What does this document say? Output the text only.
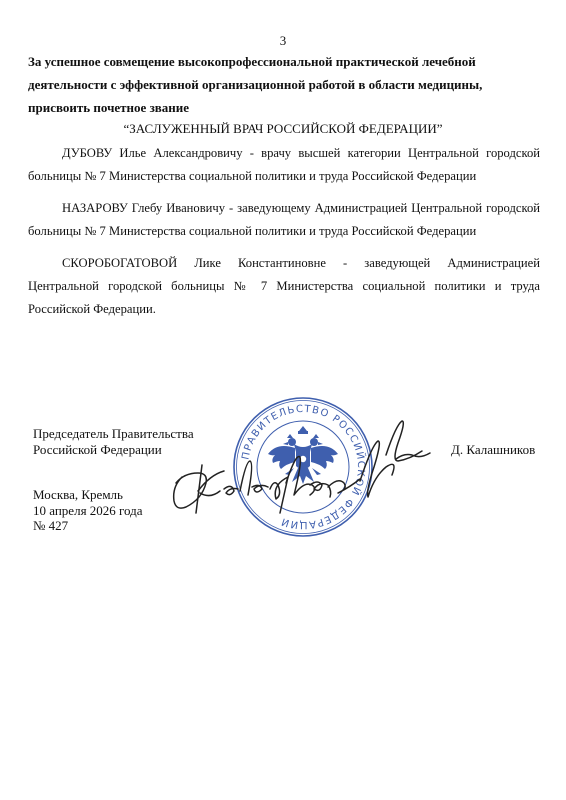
3
За успешное совмещение высокопрофессиональной практической лечебной деятельности с эффективной организационной работой в области медицины, присвоить почетное звание
“ЗАСЛУЖЕННЫЙ ВРАЧ РОССИЙСКОЙ ФЕДЕРАЦИИ”

ДУБОВУ Илье Александровичу - врачу высшей категории Центральной городской больницы № 7 Министерства социальной политики и труда Российской Федерации

НАЗАРОВУ Глебу Ивановичу - заведующему Администрацией Центральной городской больницы № 7 Министерства социальной политики и труда Российской Федерации

СКОРОБОГАТОВОЙ Лике Константиновне - заведующей Администрацией Центральной городской больницы № 7 Министерства социальной политики и труда Российской Федерации.

Председатель Правительства
Российской Федерации	Д. Калашников
Москва, Кремль
10 апреля 2026 года
№ 427
ПРАВИТЕЛЬСТВО РОССИЙСКОЙ ФЕДЕРАЦИИ
